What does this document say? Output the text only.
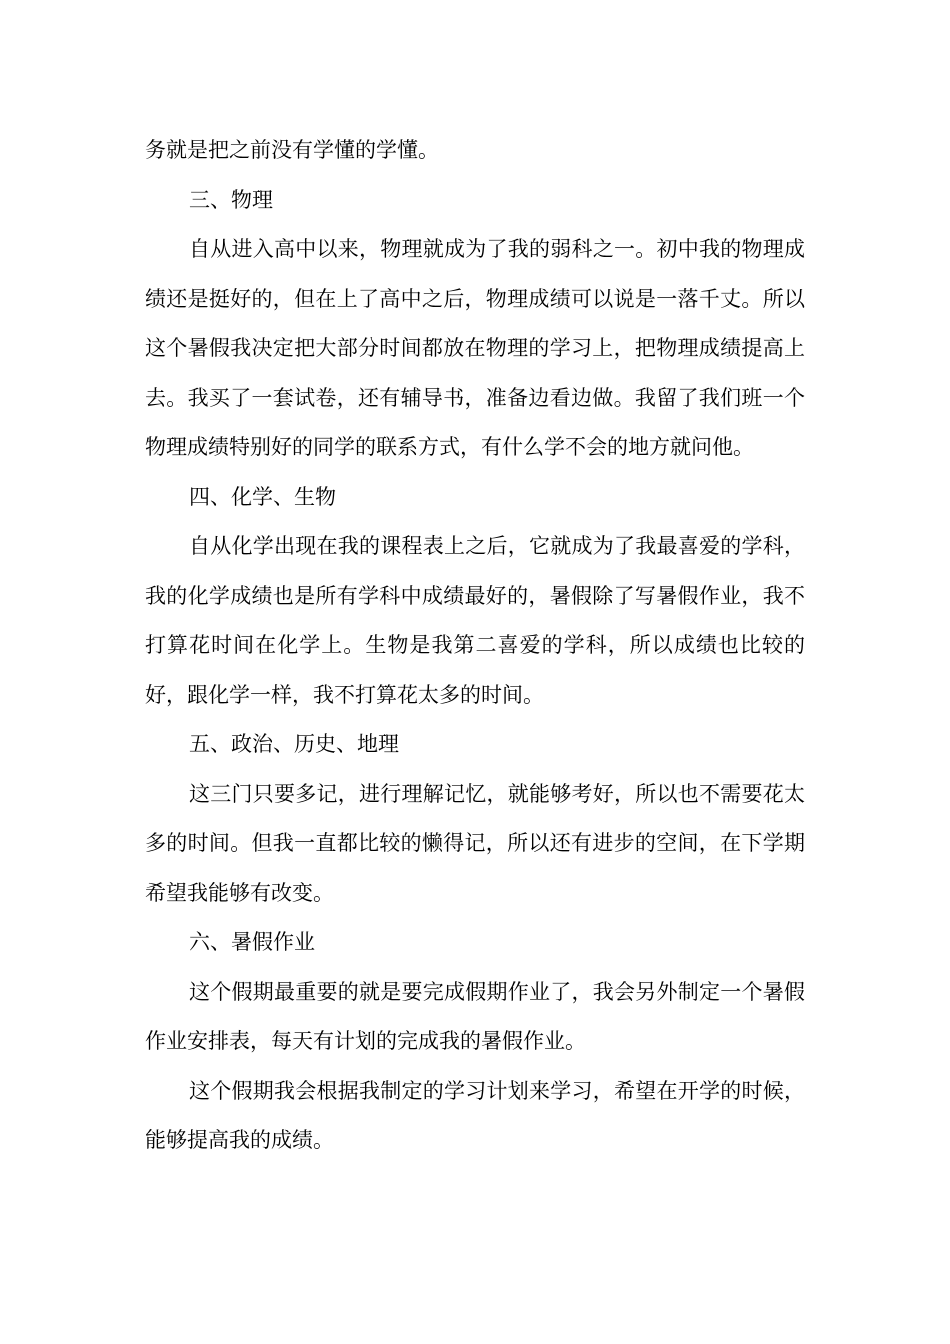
务就是把之前没有学懂的学懂。

三、物理

自从进入高中以来，物理就成为了我的弱科之一。初中我的物理成绩还是挺好的，但在上了高中之后，物理成绩可以说是一落千丈。所以这个暑假我决定把大部分时间都放在物理的学习上，把物理成绩提高上去。我买了一套试卷，还有辅导书，准备边看边做。我留了我们班一个物理成绩特别好的同学的联系方式，有什么学不会的地方就问他。

四、化学、生物

自从化学出现在我的课程表上之后，它就成为了我最喜爱的学科，我的化学成绩也是所有学科中成绩最好的，暑假除了写暑假作业，我不打算花时间在化学上。生物是我第二喜爱的学科，所以成绩也比较的好，跟化学一样，我不打算花太多的时间。

五、政治、历史、地理

这三门只要多记，进行理解记忆，就能够考好，所以也不需要花太多的时间。但我一直都比较的懒得记，所以还有进步的空间，在下学期希望我能够有改变。

六、暑假作业

这个假期最重要的就是要完成假期作业了，我会另外制定一个暑假作业安排表，每天有计划的完成我的暑假作业。

这个假期我会根据我制定的学习计划来学习，希望在开学的时候，能够提高我的成绩。
